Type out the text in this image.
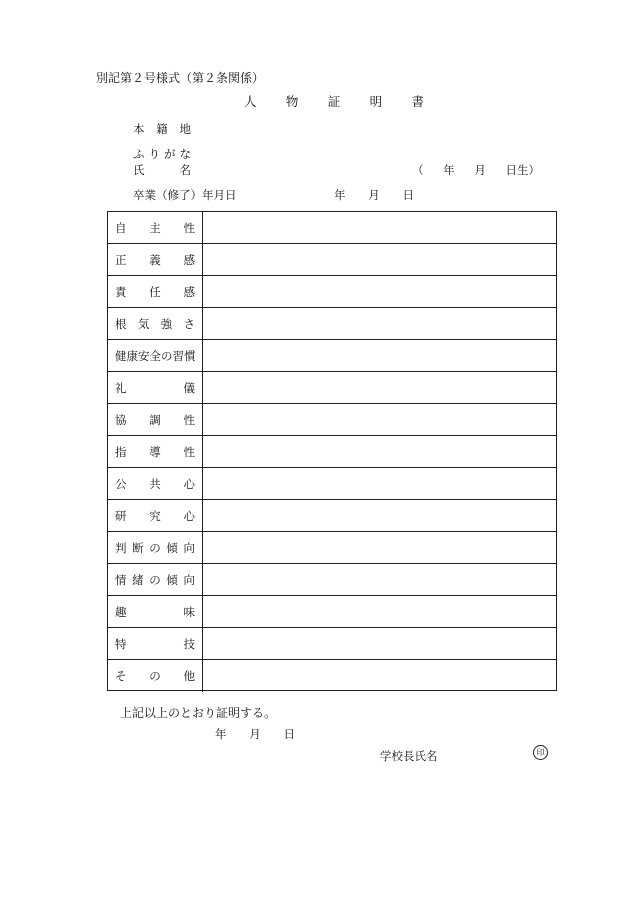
別記第２号様式（第２条関係）
人 物 証 明 書
本 籍 地
ふ り が な
氏	名	（ 年 月 日生）
卒業（修了）年月日	年 月 日
自 主 性
正 義 感
責 任 感
根 気 強 さ
健康安全の習慣
礼	儀
協 調 性
指 導 性
公 共 心
研 究 心
判 断 の 傾 向
情 緒 の 傾 向
趣	味
特	技
そ の 他
上記以上のとおり証明する。
年 月 日
学校長氏名	印
